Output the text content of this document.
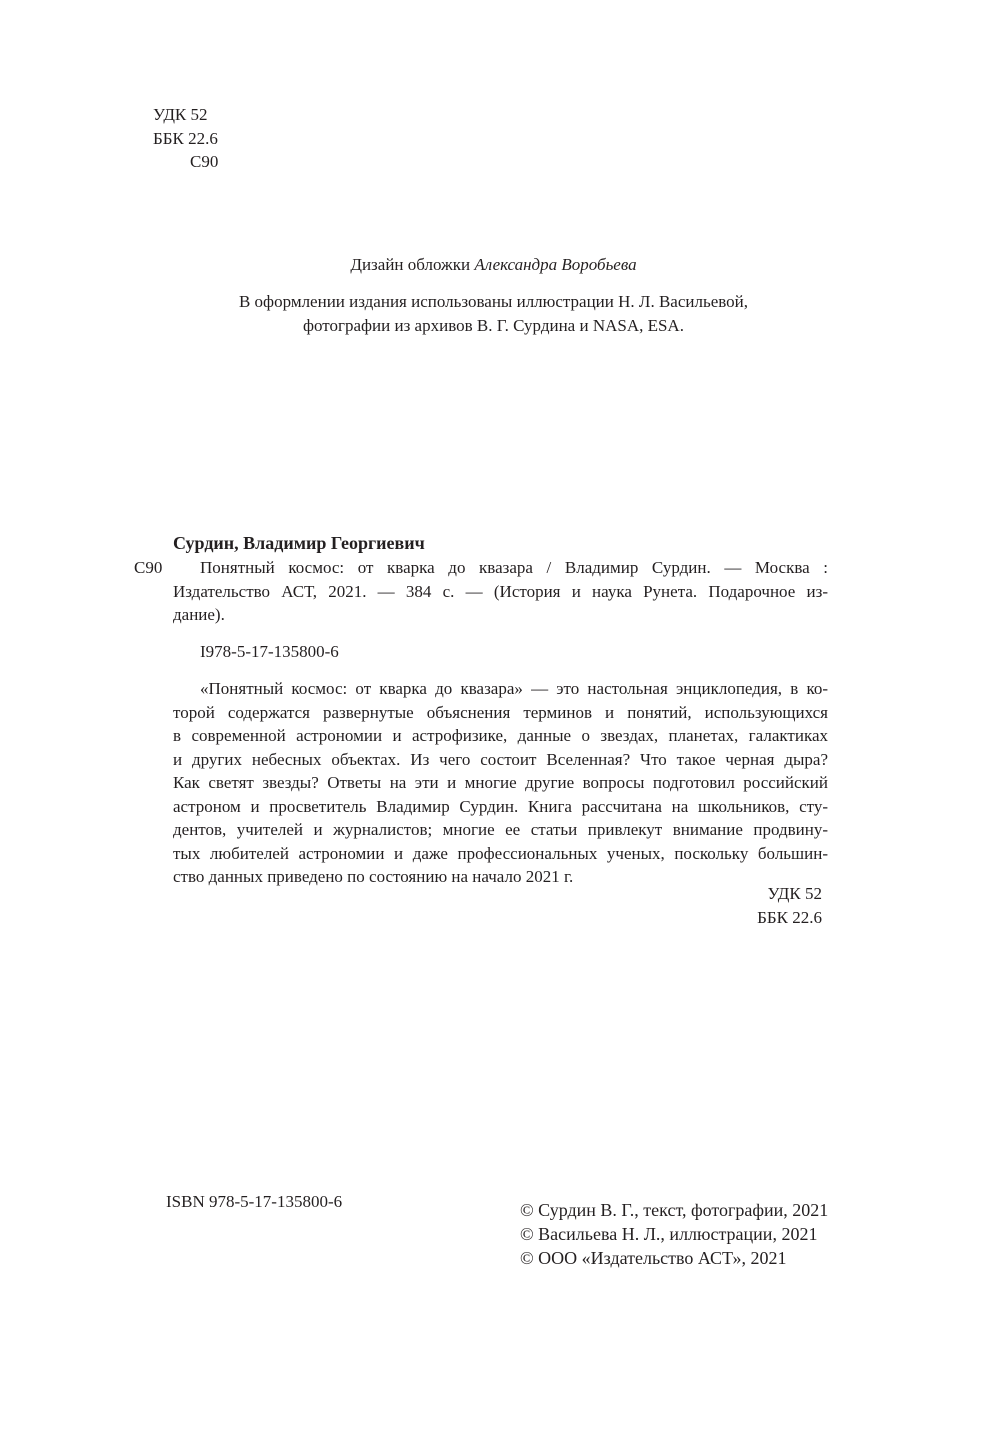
УДК 52
ББК 22.6
С90

Дизайн обложки Александра Воробьева

В оформлении издания использованы иллюстрации Н. Л. Васильевой,
фотографии из архивов В. Г. Сурдина и NASA, ESA.
Сурдин, Владимир Георгиевич
С90	Понятный космос: от кварка до квазара / Владимир Сурдин. — Москва :
Издательство АСТ, 2021. — 384 с. — (История и наука Рунета. Подарочное из-
дание).
I978-5-17-135800-6
«Понятный космос: от кварка до квазара» — это настольная энциклопедия, в ко-
торой содержатся развернутые объяснения терминов и понятий, использующихся
в современной астрономии и астрофизике, данные о звездах, планетах, галактиках
и других небесных объектах. Из чего состоит Вселенная? Что такое черная дыра?
Как светят звезды? Ответы на эти и многие другие вопросы подготовил российский
астроном и просветитель Владимир Сурдин. Книга рассчитана на школьников, сту-
дентов, учителей и журналистов; многие ее статьи привлекут внимание продвину-
тых любителей астрономии и даже профессиональных ученых, поскольку большин-
ство данных приведено по состоянию на начало 2021 г.
УДК 52
ББК 22.6
ISBN 978-5-17-135800-6	© Сурдин В. Г., текст, фотографии, 2021
© Васильева Н. Л., иллюстрации, 2021
© ООО «Издательство АСТ», 2021
